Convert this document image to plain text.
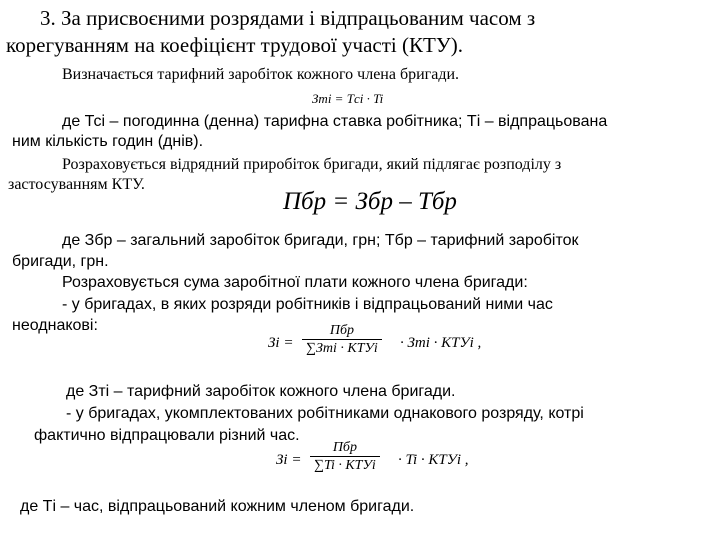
3. За присвоєними розрядами і відпрацьованим часом з
корегуванням на коефіцієнт трудової участі (КТУ).
Визначається тарифний заробіток кожного члена бригади.
Зтi = Tсi · Ti
де Тсі – погодинна (денна) тарифна ставка робітника; Ті – відпрацьована
ним кількість годин (днів).
Розраховується відрядний приробіток бригади, який підлягає розподілу з
застосуванням КТУ.
Пбр = Збр – Тбр
де Збр – загальний заробіток бригади, грн; Тбр – тарифний заробіток
бригади, грн.
Розраховується сума заробітної плати кожного члена бригади:
- у бригадах, в яких розряди робітників і відпрацьований ними час
неоднакові:
Зi =
Пбр
∑Зтi · КТУi · Зтi · КТУi ,
де Зті – тарифний заробіток кожного члена бригади.
- у бригадах, укомплектованих робітниками однакового розряду, котрі
фактично відпрацювали різний час.
Зi =
Пбр
∑Ti · КТУi · Ti · КТУi ,
де Ті – час, відпрацьований кожним членом бригади.
